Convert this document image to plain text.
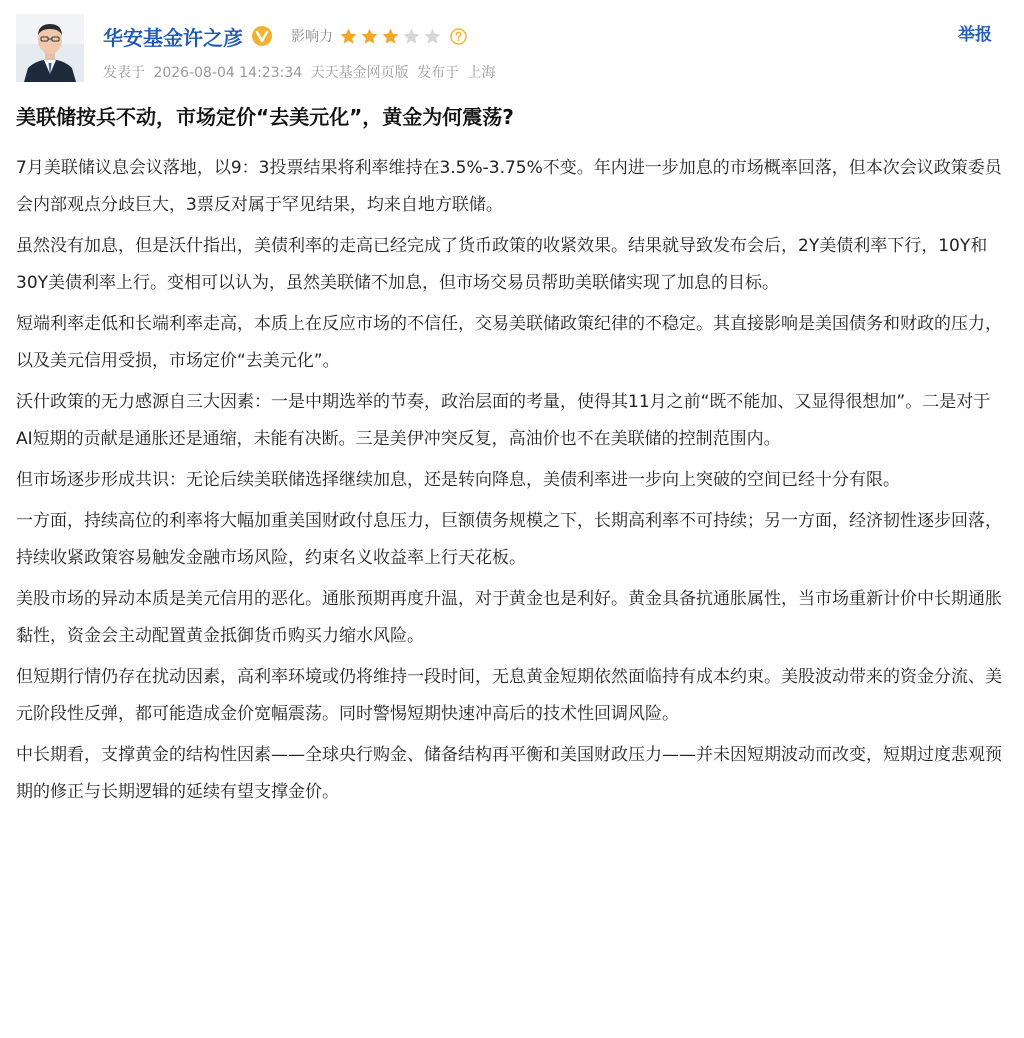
华安基金许之彦	影响力	举报
发表于 2026-08-04 14:23:34 天天基金网页版 发布于 上海
美联储按兵不动，市场定价“去美元化”，黄金为何震荡?

7月美联储议息会议落地，以9：3投票结果将利率维持在3.5%-3.75%不变。年内进一步加息的市场概率回落，但本次会议政策委员会内部观点分歧巨大，3票反对属于罕见结果，均来自地方联储。

虽然没有加息，但是沃什指出，美债利率的走高已经完成了货币政策的收紧效果。结果就导致发布会后，2Y美债利率下行，10Y和30Y美债利率上行。变相可以认为，虽然美联储不加息，但市场交易员帮助美联储实现了加息的目标。

短端利率走低和长端利率走高，本质上在反应市场的不信任，交易美联储政策纪律的不稳定。其直接影响是美国债务和财政的压力，以及美元信用受损，市场定价“去美元化”。

沃什政策的无力感源自三大因素：一是中期选举的节奏，政治层面的考量，使得其11月之前“既不能加、又显得很想加”。二是对于AI短期的贡献是通胀还是通缩，未能有决断。三是美伊冲突反复，高油价也不在美联储的控制范围内。

但市场逐步形成共识：无论后续美联储选择继续加息，还是转向降息，美债利率进一步向上突破的空间已经十分有限。

一方面，持续高位的利率将大幅加重美国财政付息压力，巨额债务规模之下，长期高利率不可持续；另一方面，经济韧性逐步回落，持续收紧政策容易触发金融市场风险，约束名义收益率上行天花板。

美股市场的异动本质是美元信用的恶化。通胀预期再度升温，对于黄金也是利好。黄金具备抗通胀属性，当市场重新计价中长期通胀黏性，资金会主动配置黄金抵御货币购买力缩水风险。

但短期行情仍存在扰动因素，高利率环境或仍将维持一段时间，无息黄金短期依然面临持有成本约束。美股波动带来的资金分流、美元阶段性反弹，都可能造成金价宽幅震荡。同时警惕短期快速冲高后的技术性回调风险。

中长期看，支撑黄金的结构性因素——全球央行购金、储备结构再平衡和美国财政压力——并未因短期波动而改变，短期过度悲观预期的修正与长期逻辑的延续有望支撑金价。
